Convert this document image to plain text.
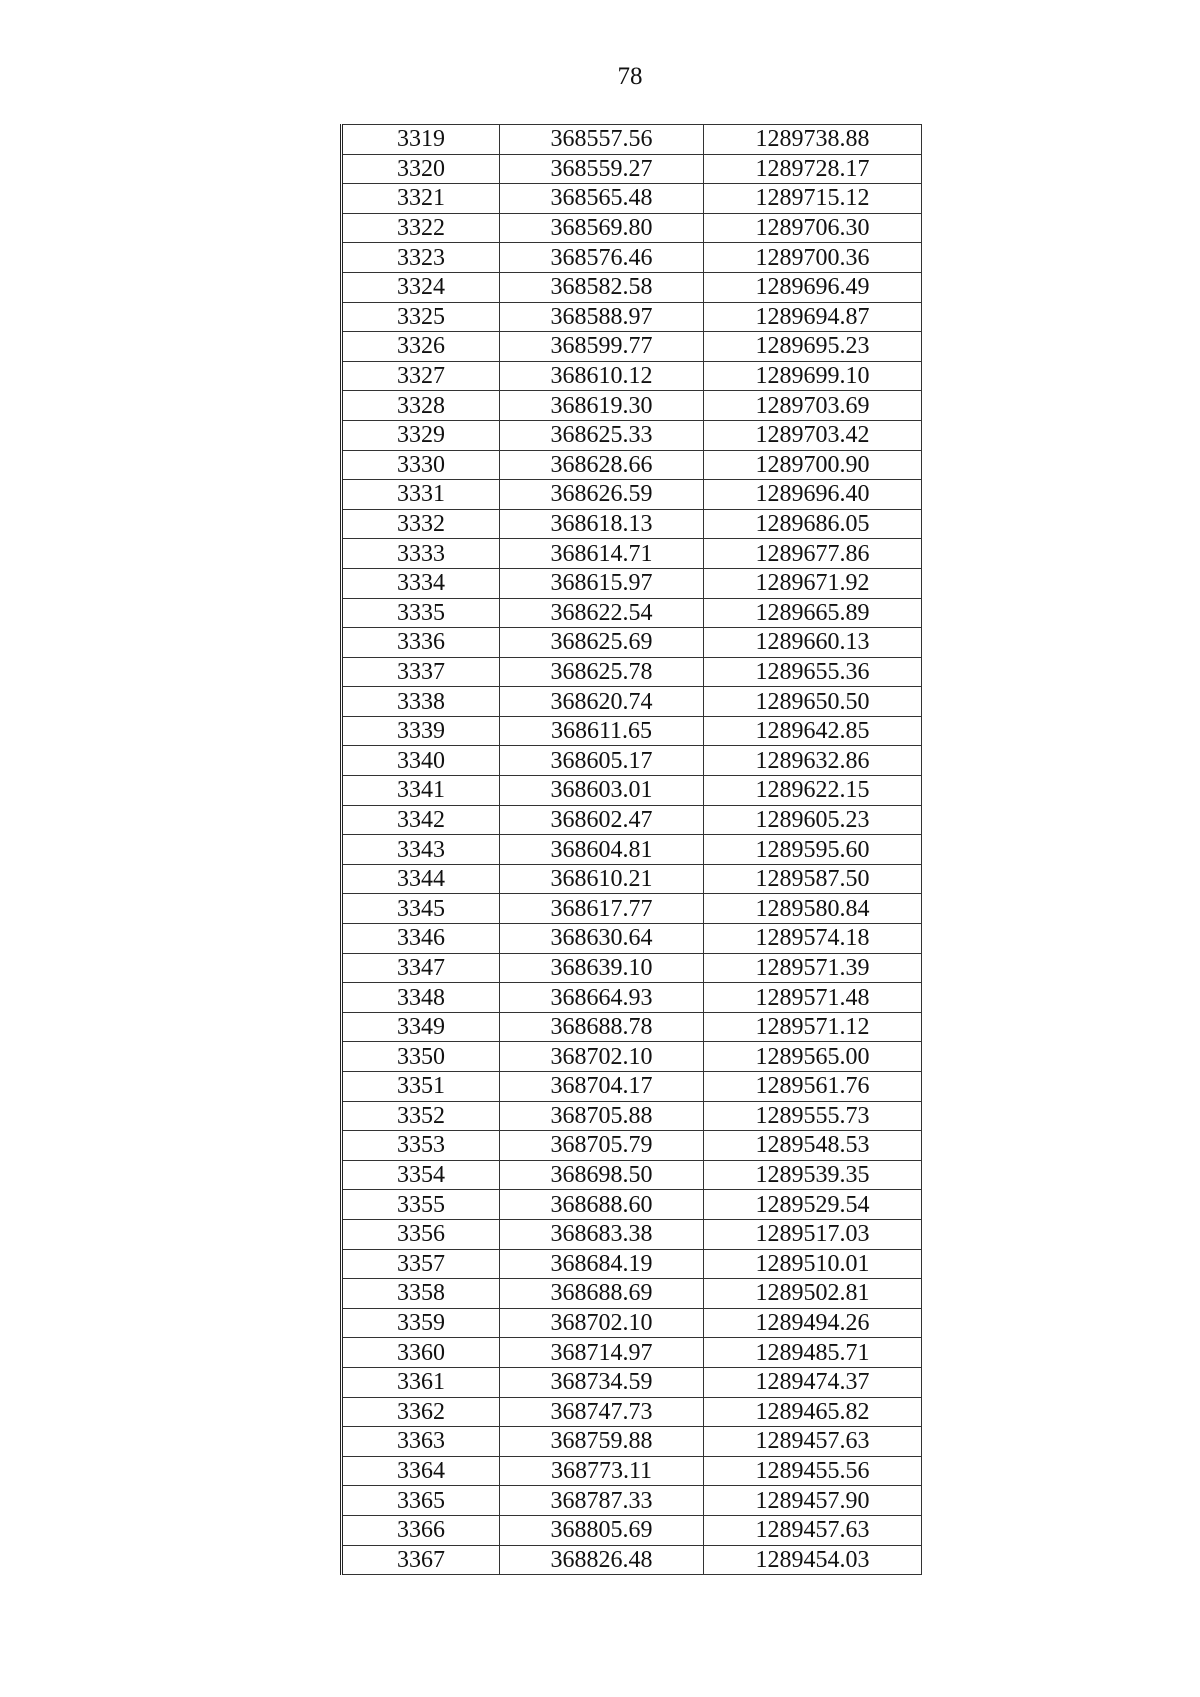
78
3319	368557.56	1289738.88
3320	368559.27	1289728.17
3321	368565.48	1289715.12
3322	368569.80	1289706.30
3323	368576.46	1289700.36
3324	368582.58	1289696.49
3325	368588.97	1289694.87
3326	368599.77	1289695.23
3327	368610.12	1289699.10
3328	368619.30	1289703.69
3329	368625.33	1289703.42
3330	368628.66	1289700.90
3331	368626.59	1289696.40
3332	368618.13	1289686.05
3333	368614.71	1289677.86
3334	368615.97	1289671.92
3335	368622.54	1289665.89
3336	368625.69	1289660.13
3337	368625.78	1289655.36
3338	368620.74	1289650.50
3339	368611.65	1289642.85
3340	368605.17	1289632.86
3341	368603.01	1289622.15
3342	368602.47	1289605.23
3343	368604.81	1289595.60
3344	368610.21	1289587.50
3345	368617.77	1289580.84
3346	368630.64	1289574.18
3347	368639.10	1289571.39
3348	368664.93	1289571.48
3349	368688.78	1289571.12
3350	368702.10	1289565.00
3351	368704.17	1289561.76
3352	368705.88	1289555.73
3353	368705.79	1289548.53
3354	368698.50	1289539.35
3355	368688.60	1289529.54
3356	368683.38	1289517.03
3357	368684.19	1289510.01
3358	368688.69	1289502.81
3359	368702.10	1289494.26
3360	368714.97	1289485.71
3361	368734.59	1289474.37
3362	368747.73	1289465.82
3363	368759.88	1289457.63
3364	368773.11	1289455.56
3365	368787.33	1289457.90
3366	368805.69	1289457.63
3367	368826.48	1289454.03
